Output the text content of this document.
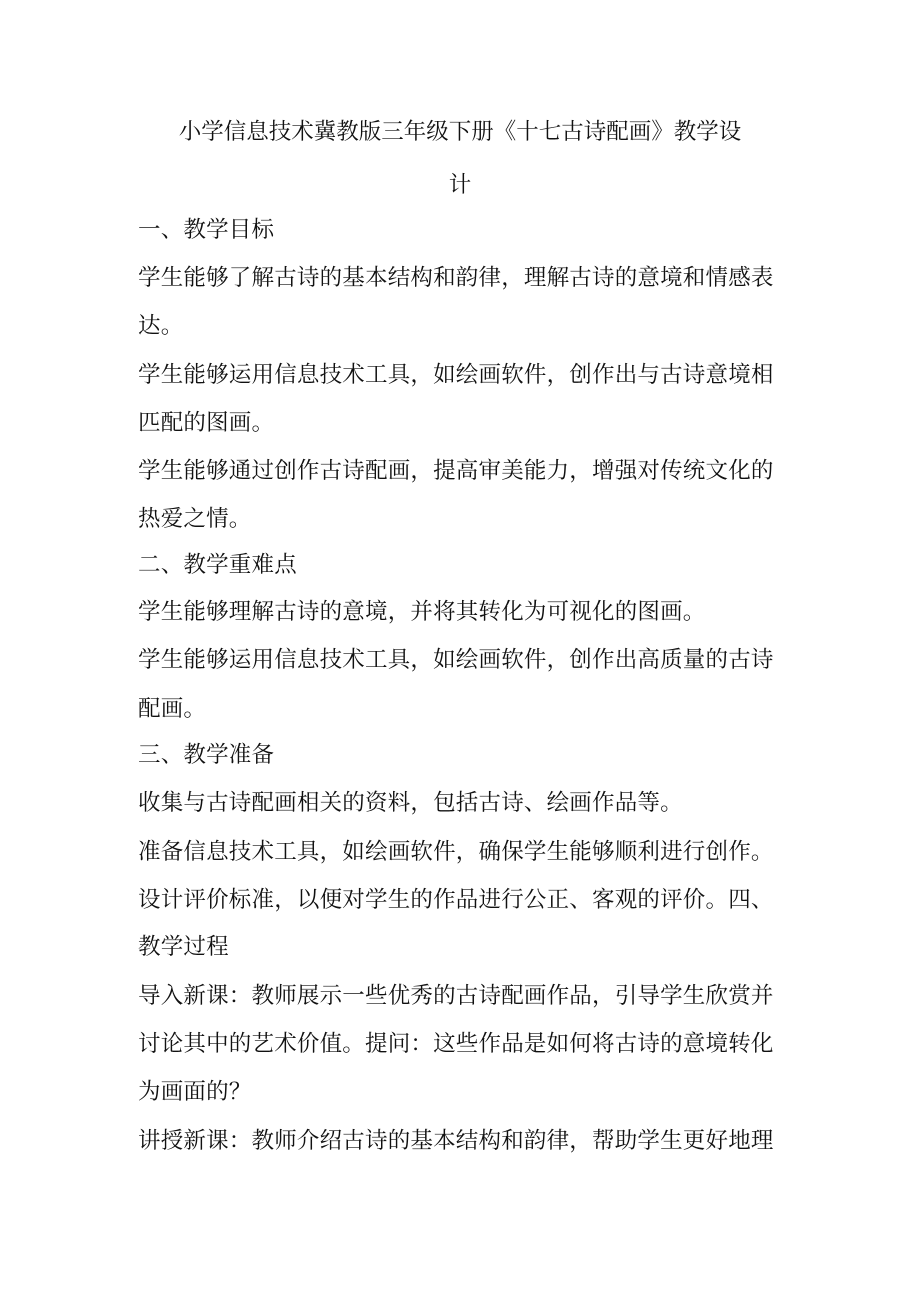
小学信息技术冀教版三年级下册《十七古诗配画》教学设
计
一、教学目标
学生能够了解古诗的基本结构和韵律，理解古诗的意境和情感表
达。
学生能够运用信息技术工具，如绘画软件，创作出与古诗意境相
匹配的图画。
学生能够通过创作古诗配画，提高审美能力，增强对传统文化的
热爱之情。
二、教学重难点
学生能够理解古诗的意境，并将其转化为可视化的图画。
学生能够运用信息技术工具，如绘画软件，创作出高质量的古诗
配画。
三、教学准备
收集与古诗配画相关的资料，包括古诗、绘画作品等。
准备信息技术工具，如绘画软件，确保学生能够顺利进行创作。
设计评价标准，以便对学生的作品进行公正、客观的评价。四、
教学过程
导入新课：教师展示一些优秀的古诗配画作品，引导学生欣赏并
讨论其中的艺术价值。提问：这些作品是如何将古诗的意境转化
为画面的？
讲授新课：教师介绍古诗的基本结构和韵律，帮助学生更好地理
